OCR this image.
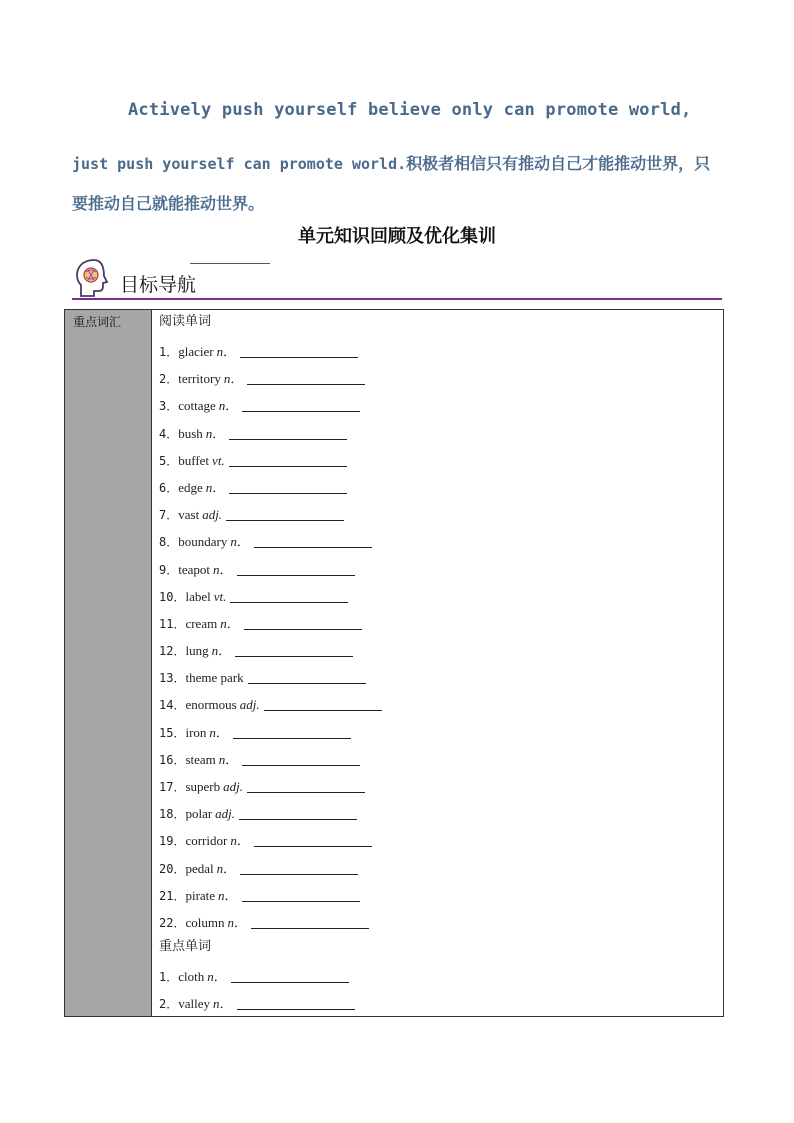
Actively push yourself believe only can promote world,
just push yourself can promote world.积极者相信只有推动自己才能推动世界，只要推动自己就能推动世界。
单元知识回顾及优化集训
目标导航
重点词汇	阅读单词
1．glacier n．
2．territory n．
3．cottage n．
4．bush n．
5．buffet vt.
6．edge n．
7．vast adj.
8．boundary n．
9．teapot n．
10．label vt.
11．cream n．
12．lung n．
13．theme park
14．enormous adj.
15．iron n．
16．steam n．
17．superb adj.
18．polar adj.
19．corridor n．
20．pedal n．
21．pirate n．
22．column n．
重点单词
1．cloth n．
2．valley n．
